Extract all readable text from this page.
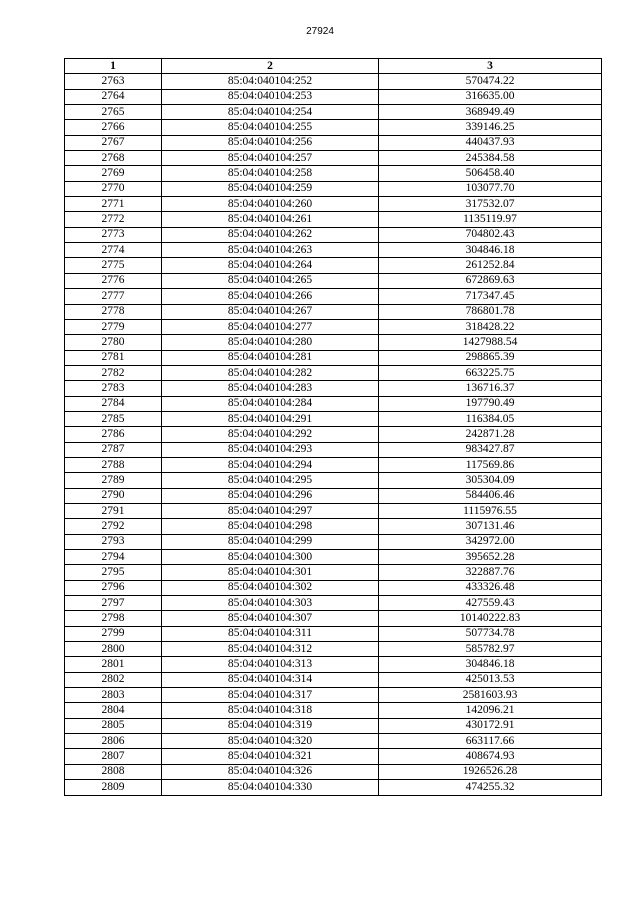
27924
1	2	3
2763	85:04:040104:252	570474.22
2764	85:04:040104:253	316635.00
2765	85:04:040104:254	368949.49
2766	85:04:040104:255	339146.25
2767	85:04:040104:256	440437.93
2768	85:04:040104:257	245384.58
2769	85:04:040104:258	506458.40
2770	85:04:040104:259	103077.70
2771	85:04:040104:260	317532.07
2772	85:04:040104:261	1135119.97
2773	85:04:040104:262	704802.43
2774	85:04:040104:263	304846.18
2775	85:04:040104:264	261252.84
2776	85:04:040104:265	672869.63
2777	85:04:040104:266	717347.45
2778	85:04:040104:267	786801.78
2779	85:04:040104:277	318428.22
2780	85:04:040104:280	1427988.54
2781	85:04:040104:281	298865.39
2782	85:04:040104:282	663225.75
2783	85:04:040104:283	136716.37
2784	85:04:040104:284	197790.49
2785	85:04:040104:291	116384.05
2786	85:04:040104:292	242871.28
2787	85:04:040104:293	983427.87
2788	85:04:040104:294	117569.86
2789	85:04:040104:295	305304.09
2790	85:04:040104:296	584406.46
2791	85:04:040104:297	1115976.55
2792	85:04:040104:298	307131.46
2793	85:04:040104:299	342972.00
2794	85:04:040104:300	395652.28
2795	85:04:040104:301	322887.76
2796	85:04:040104:302	433326.48
2797	85:04:040104:303	427559.43
2798	85:04:040104:307	10140222.83
2799	85:04:040104:311	507734.78
2800	85:04:040104:312	585782.97
2801	85:04:040104:313	304846.18
2802	85:04:040104:314	425013.53
2803	85:04:040104:317	2581603.93
2804	85:04:040104:318	142096.21
2805	85:04:040104:319	430172.91
2806	85:04:040104:320	663117.66
2807	85:04:040104:321	408674.93
2808	85:04:040104:326	1926526.28
2809	85:04:040104:330	474255.32
